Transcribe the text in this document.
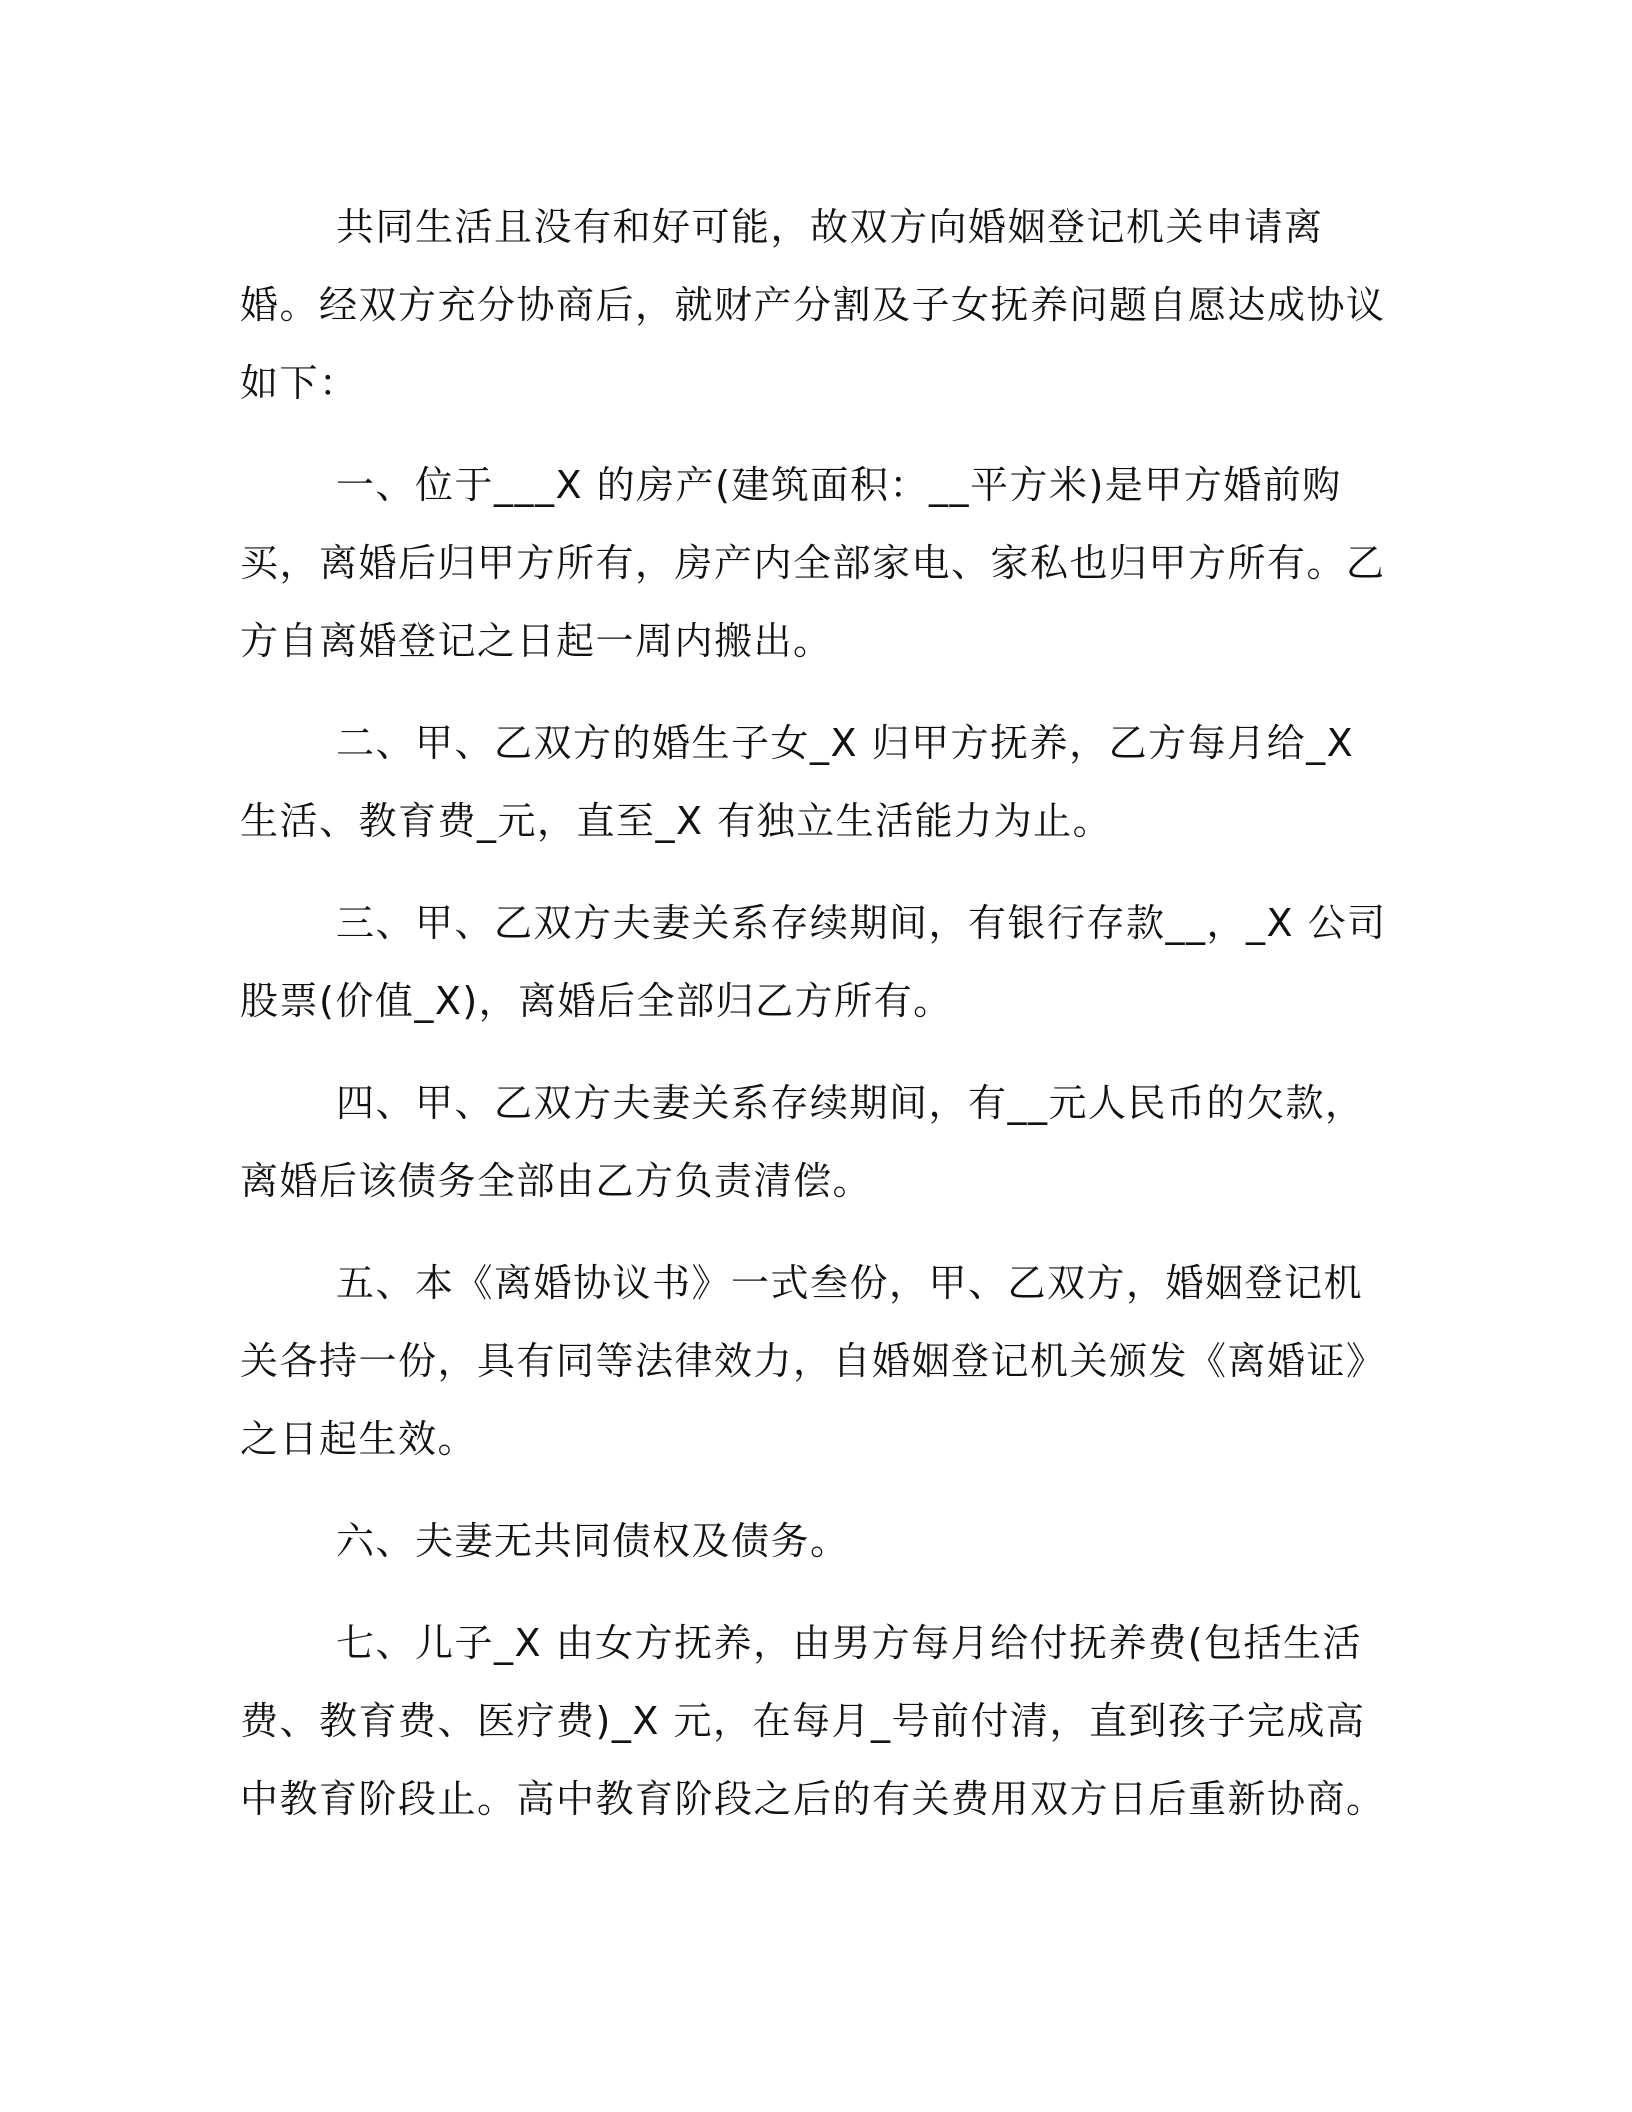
共同生活且没有和好可能，故双方向婚姻登记机关申请离婚。经双方充分协商后，就财产分割及子女抚养问题自愿达成协议如下：

一、位于___X 的房产(建筑面积：__平方米)是甲方婚前购买，离婚后归甲方所有，房产内全部家电、家私也归甲方所有。乙方自离婚登记之日起一周内搬出。

二、甲、乙双方的婚生子女_X 归甲方抚养，乙方每月给_X 生活、教育费_元，直至_X 有独立生活能力为止。

三、甲、乙双方夫妻关系存续期间，有银行存款__，_X 公司股票(价值_X)，离婚后全部归乙方所有。

四、甲、乙双方夫妻关系存续期间，有__元人民币的欠款，离婚后该债务全部由乙方负责清偿。

五、本《离婚协议书》一式叁份，甲、乙双方，婚姻登记机关各持一份，具有同等法律效力，自婚姻登记机关颁发《离婚证》之日起生效。

六、夫妻无共同债权及债务。

七、儿子_X 由女方抚养，由男方每月给付抚养费(包括生活费、教育费、医疗费)_X 元，在每月_号前付清，直到孩子完成高中教育阶段止。高中教育阶段之后的有关费用双方日后重新协商。
